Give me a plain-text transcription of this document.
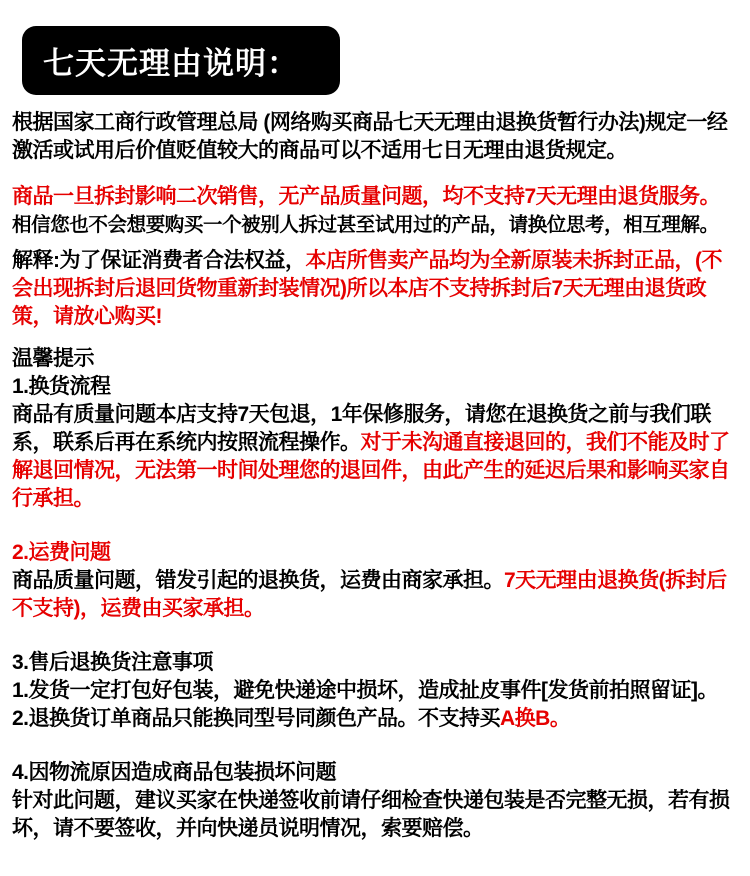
七天无理由说明：

根据国家工商行政管理总局 (网络购买商品七天无理由退换货暂行办法)规定一经激活或试用后价值贬值较大的商品可以不适用七日无理由退货规定。

商品一旦拆封影响二次销售，无产品质量问题，均不支持7天无理由退货服务。
相信您也不会想要购买一个被别人拆过甚至试用过的产品，请换位思考，相互理解。

解释:为了保证消费者合法权益，本店所售卖产品均为全新原装未拆封正品，(不会出现拆封后退回货物重新封装情况)所以本店不支持拆封后7天无理由退货政策，请放心购买!

温馨提示

1.换货流程

商品有质量问题本店支持7天包退，1年保修服务，请您在退换货之前与我们联系，联系后再在系统内按照流程操作。对于未沟通直接退回的，我们不能及时了解退回情况，无法第一时间处理您的退回件，由此产生的延迟后果和影响买家自行承担。

2.运费问题

商品质量问题，错发引起的退换货，运费由商家承担。7天无理由退换货(拆封后不支持)，运费由买家承担。

3.售后退换货注意事项

1.发货一定打包好包装，避免快递途中损坏，造成扯皮事件[发货前拍照留证]。

2.退换货订单商品只能换同型号同颜色产品。不支持买A换B。

4.因物流原因造成商品包装损坏问题

针对此问题，建议买家在快递签收前请仔细检查快递包装是否完整无损，若有损坏，请不要签收，并向快递员说明情况，索要赔偿。
